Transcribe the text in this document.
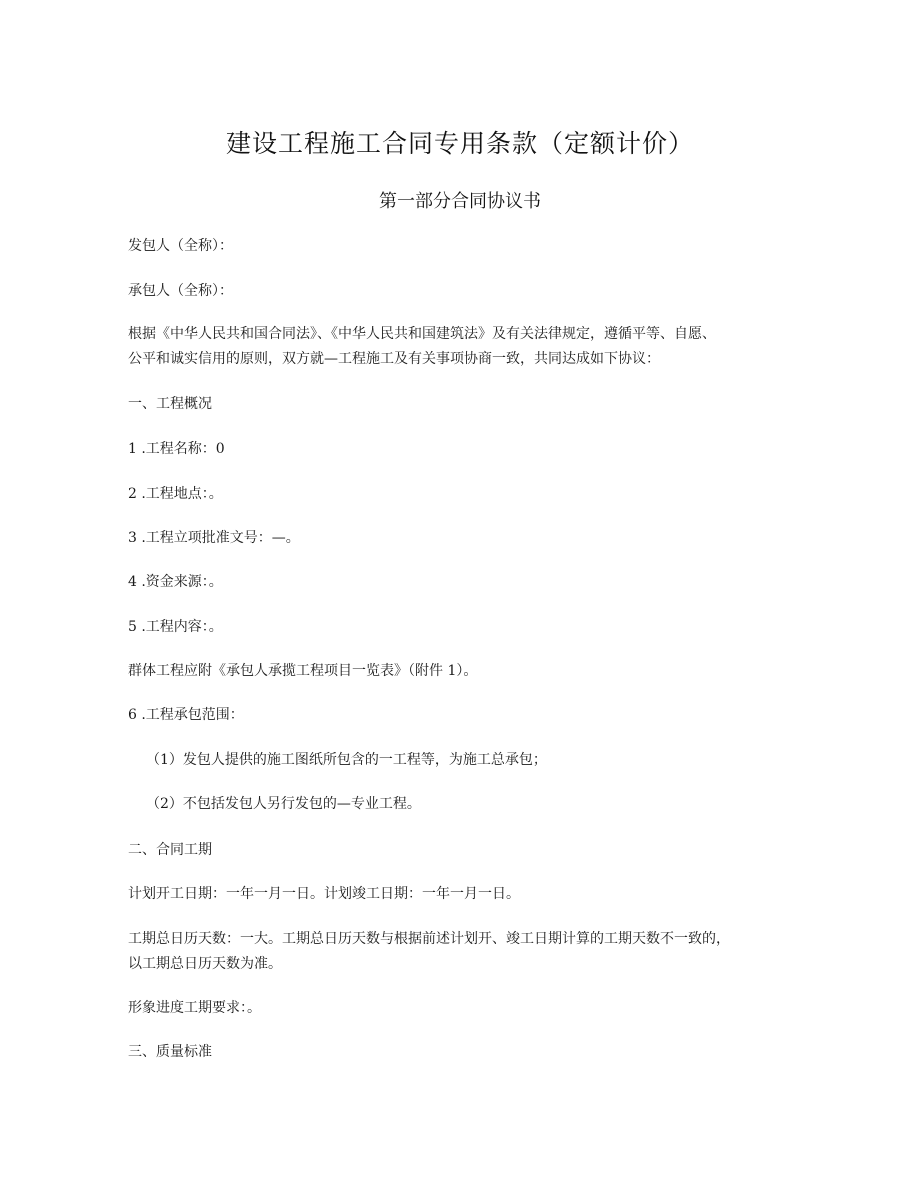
建设工程施工合同专用条款（定额计价）
第一部分合同协议书
发包人（全称）：
承包人（全称）：
根据《中华人民共和国合同法》、《中华人民共和国建筑法》及有关法律规定，遵循平等、自愿、
公平和诚实信用的原则，双方就—工程施工及有关事项协商一致，共同达成如下协议：
一、工程概况
1 .工程名称：0
2 .工程地点：。
3 .工程立项批准文号：—。
4 .资金来源：。
5 .工程内容：。
群体工程应附《承包人承揽工程项目一览表》（附件 1）。
6 .工程承包范围：
（1）发包人提供的施工图纸所包含的一工程等，为施工总承包；
（2）不包括发包人另行发包的—专业工程。
二、合同工期
计划开工日期：一年一月一日。计划竣工日期：一年一月一日。
工期总日历天数：一大。工期总日历天数与根据前述计划开、竣工日期计算的工期天数不一致的，
以工期总日历天数为准。
形象进度工期要求：。
三、质量标准
